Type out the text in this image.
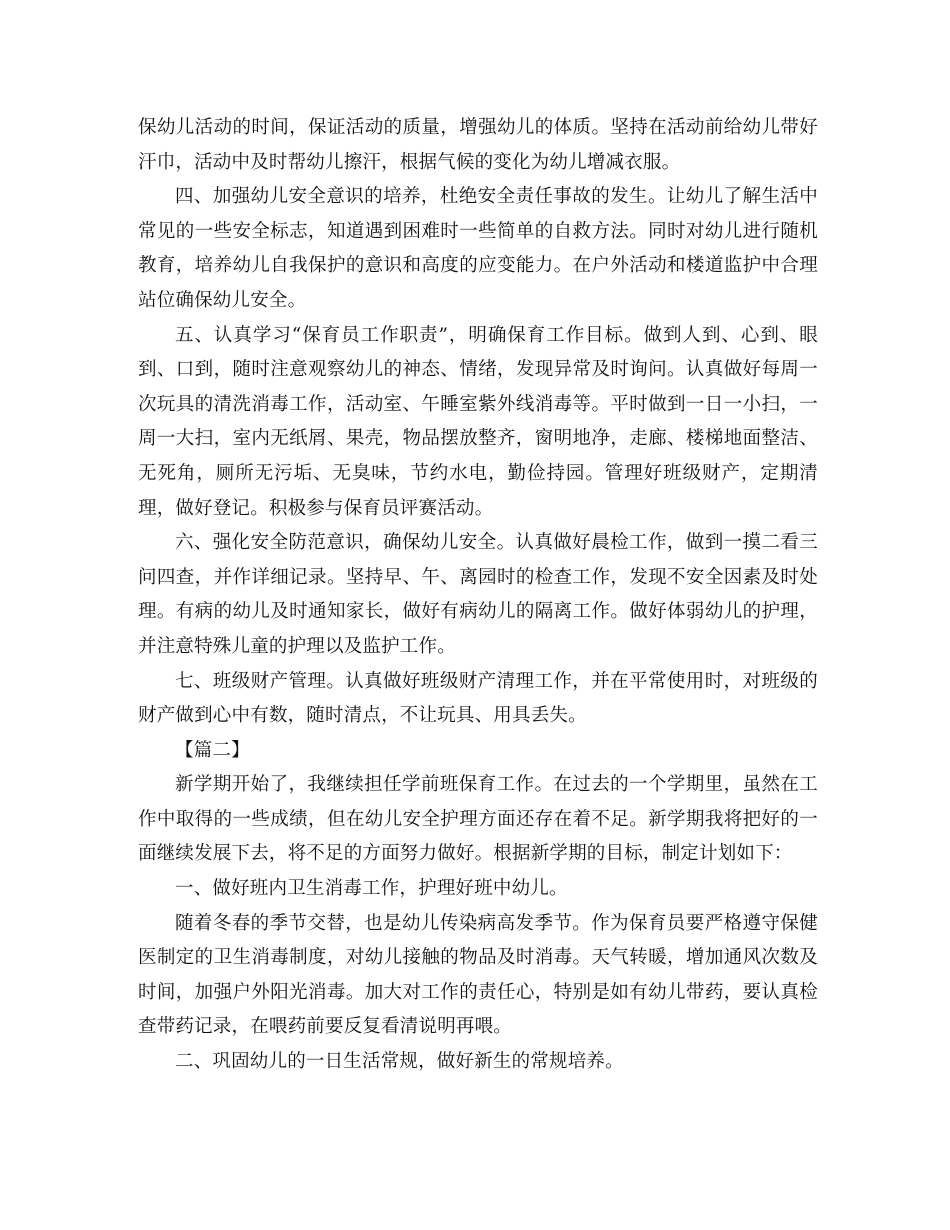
保幼儿活动的时间，保证活动的质量，增强幼儿的体质。坚持在活动前给幼儿带好汗巾，活动中及时帮幼儿擦汗，根据气候的变化为幼儿增减衣服。

四、加强幼儿安全意识的培养，杜绝安全责任事故的发生。让幼儿了解生活中常见的一些安全标志，知道遇到困难时一些简单的自救方法。同时对幼儿进行随机教育，培养幼儿自我保护的意识和高度的应变能力。在户外活动和楼道监护中合理站位确保幼儿安全。

五、认真学习“保育员工作职责”，明确保育工作目标。做到人到、心到、眼到、口到，随时注意观察幼儿的神态、情绪，发现异常及时询问。认真做好每周一次玩具的清洗消毒工作，活动室、午睡室紫外线消毒等。平时做到一日一小扫，一周一大扫，室内无纸屑、果壳，物品摆放整齐，窗明地净，走廊、楼梯地面整洁、无死角，厕所无污垢、无臭味，节约水电，勤俭持园。管理好班级财产，定期清理，做好登记。积极参与保育员评赛活动。

六、强化安全防范意识，确保幼儿安全。认真做好晨检工作，做到一摸二看三问四查，并作详细记录。坚持早、午、离园时的检查工作，发现不安全因素及时处理。有病的幼儿及时通知家长，做好有病幼儿的隔离工作。做好体弱幼儿的护理，并注意特殊儿童的护理以及监护工作。

七、班级财产管理。认真做好班级财产清理工作，并在平常使用时，对班级的财产做到心中有数，随时清点，不让玩具、用具丢失。

【篇二】

新学期开始了，我继续担任学前班保育工作。在过去的一个学期里，虽然在工作中取得的一些成绩，但在幼儿安全护理方面还存在着不足。新学期我将把好的一面继续发展下去，将不足的方面努力做好。根据新学期的目标，制定计划如下：

一、做好班内卫生消毒工作，护理好班中幼儿。

随着冬春的季节交替，也是幼儿传染病高发季节。作为保育员要严格遵守保健医制定的卫生消毒制度，对幼儿接触的物品及时消毒。天气转暖，增加通风次数及时间，加强户外阳光消毒。加大对工作的责任心，特别是如有幼儿带药，要认真检查带药记录，在喂药前要反复看清说明再喂。

二、巩固幼儿的一日生活常规，做好新生的常规培养。
